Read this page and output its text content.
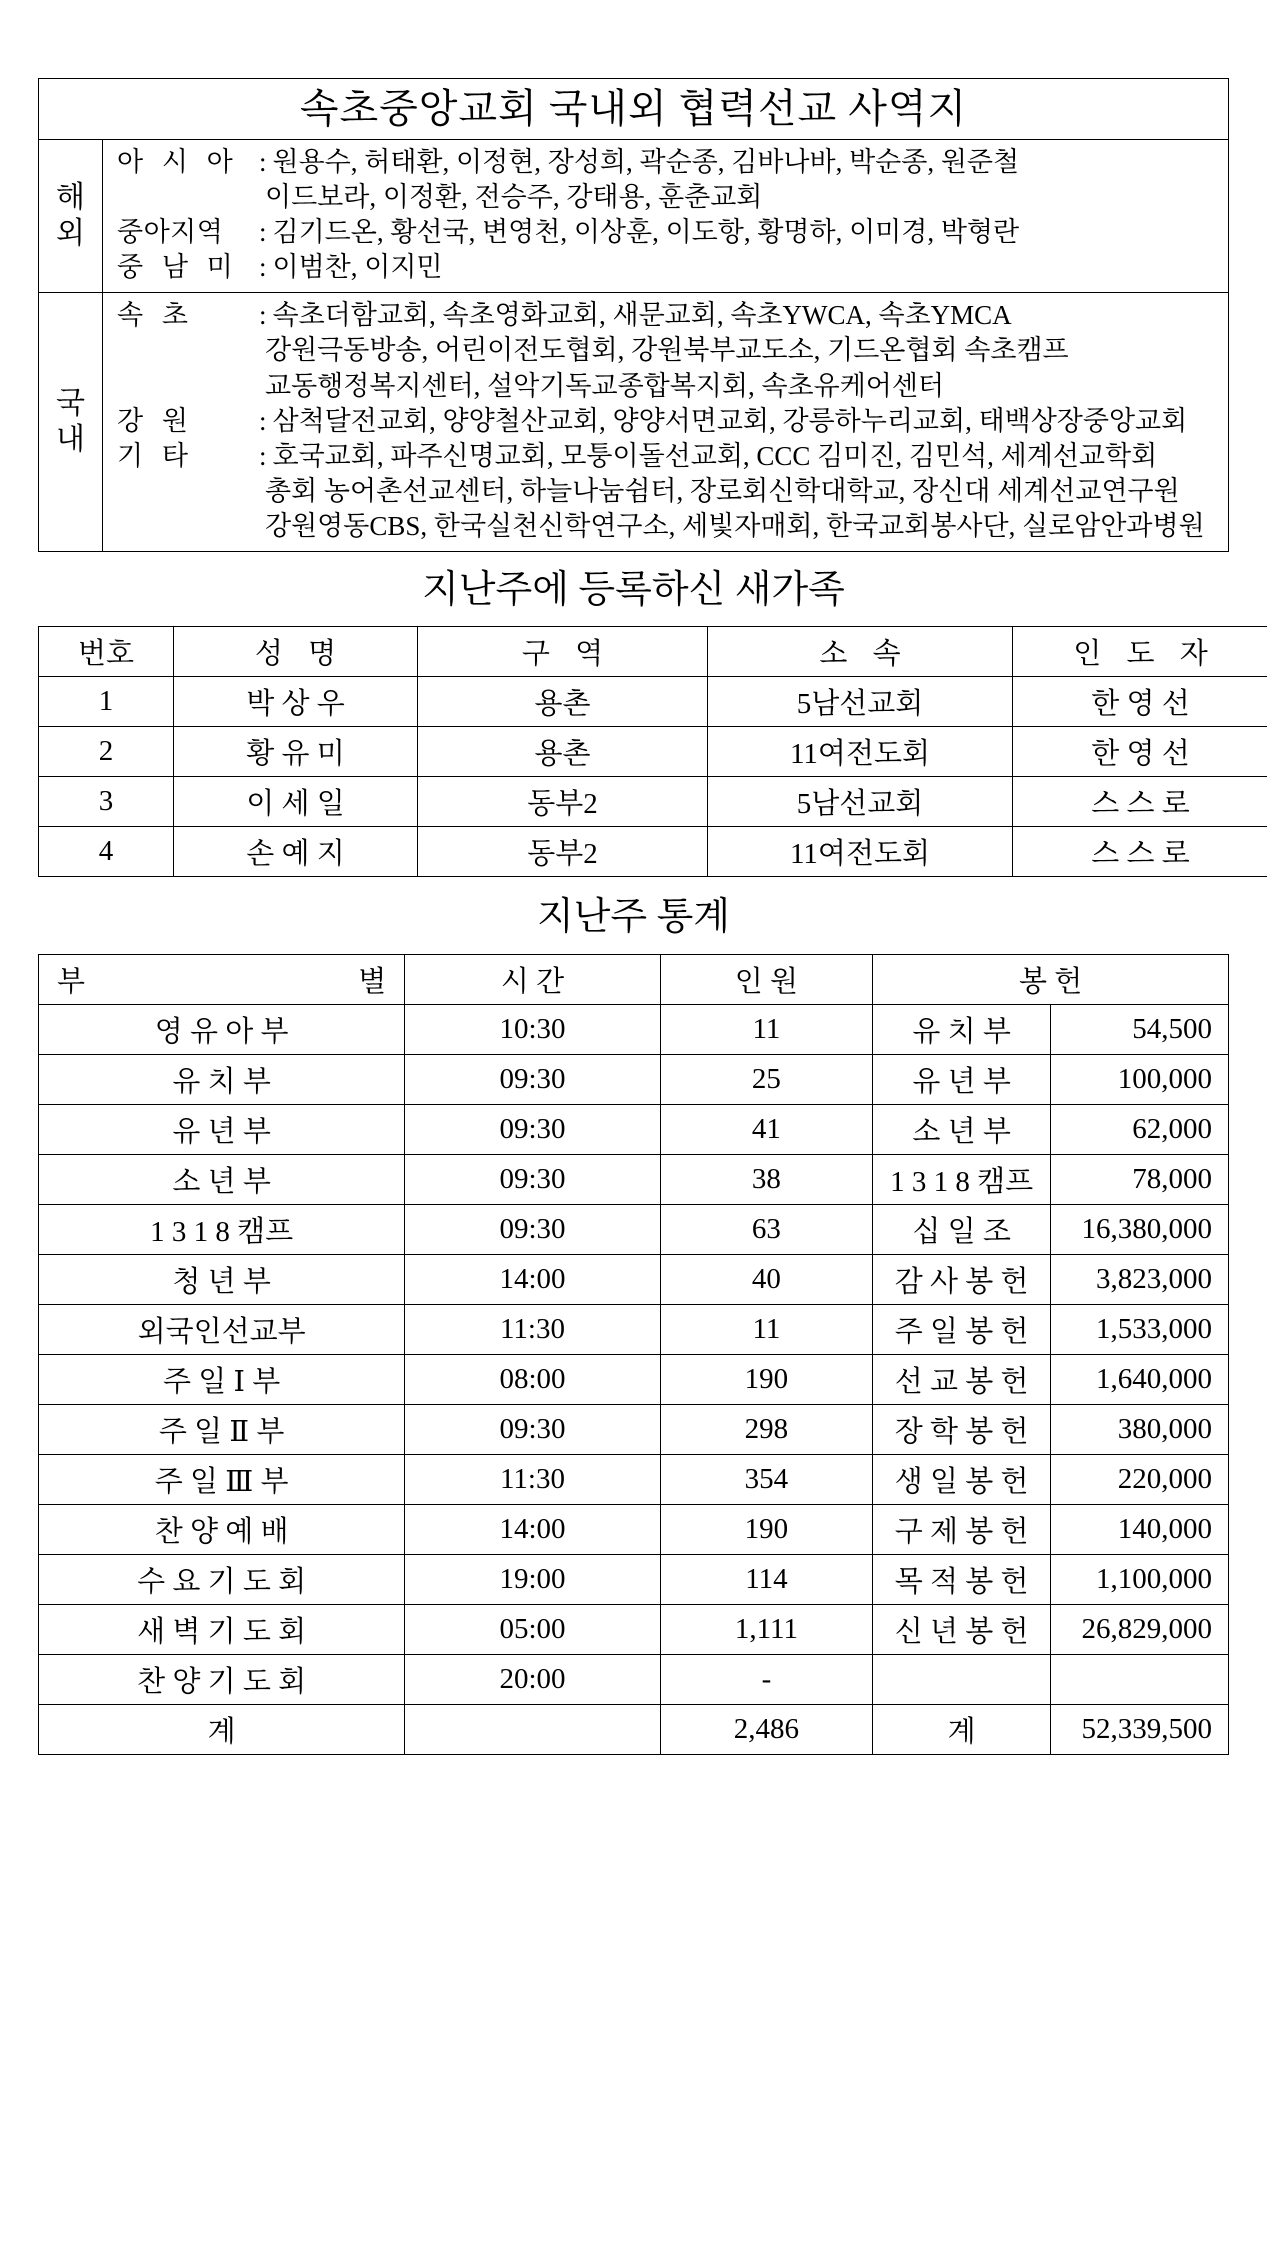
속초중앙교회 국내외 협력선교 사역지	

해
외	아 시 아 : 원용수, 허태환, 이정현, 장성희, 곽순종, 김바나바, 박순종, 원준철
이드보라, 이정환, 전승주, 강태용, 훈춘교회
중아지역 : 김기드온, 황선국, 변영천, 이상훈, 이도항, 황명하, 이미경, 박형란
중 남 미 : 이범찬, 이지민

국
내

속 초 : 속초더함교회, 속초영화교회, 새문교회, 속초YWCA, 속초YMCA
강원극동방송, 어린이전도협회, 강원북부교도소, 기드온협회 속초캠프
교동행정복지센터, 설악기독교종합복지회, 속초유케어센터
강 원 : 삼척달전교회, 양양철산교회, 양양서면교회, 강릉하누리교회, 태백상장중앙교회
기 타 : 호국교회, 파주신명교회, 모퉁이돌선교회, CCC 김미진, 김민석, 세계선교학회
총회 농어촌선교센터, 하늘나눔쉼터, 장로회신학대학교, 장신대 세계선교연구원
강원영동CBS, 한국실천신학연구소, 세빛자매회, 한국교회봉사단, 실로암안과병원
지난주에 등록하신 새가족
번호	성 명	구 역	소 속	인 도 자
1	박 상 우	용촌	5남선교회	한 영 선
2	황 유 미	용촌	11여전도회	한 영 선
3	이 세 일	동부2	5남선교회	스 스 로
4	손 예 지	동부2	11여전도회	스 스 로
지난주 통계
부 별	시 간	인 원	봉 헌	
영 유 아 부	10:30	11	유 치 부	54,500
유 치 부	09:30	25	유 년 부	100,000
유 년 부	09:30	41	소 년 부	62,000
소 년 부	09:30	38	1 3 1 8 캠프	78,000
1 3 1 8 캠프	09:30	63	십 일 조	16,380,000
청 년 부	14:00	40	감 사 봉 헌	3,823,000
외국인선교부	11:30	11	주 일 봉 헌	1,533,000
주 일 Ⅰ 부	08:00	190	선 교 봉 헌	1,640,000
주 일 Ⅱ 부	09:30	298	장 학 봉 헌	380,000
주 일 Ⅲ 부	11:30	354	생 일 봉 헌	220,000
찬 양 예 배	14:00	190	구 제 봉 헌	140,000
수 요 기 도 회	19:00	114	목 적 봉 헌	1,100,000
새 벽 기 도 회	05:00	1,111	신 년 봉 헌	26,829,000
찬 양 기 도 회	20:00	-		
계		2,486	계	52,339,500
